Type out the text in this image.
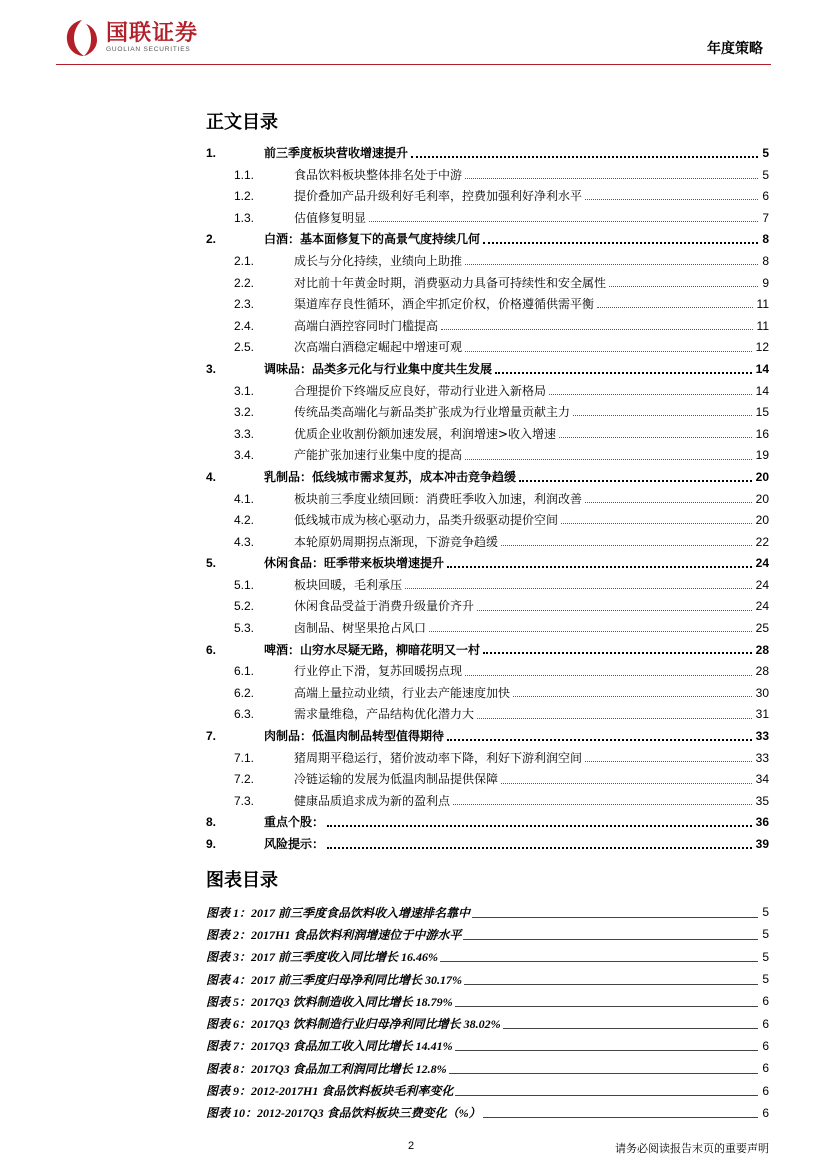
国联证券
GUOLIAN SECURITIES	年度策略
正文目录
1.	前三季度板块营收增速提升	5
1.1.	食品饮料板块整体排名处于中游	5
1.2.	提价叠加产品升级利好毛利率，控费加强利好净利水平	6
1.3.	估值修复明显	7
2.	白酒：基本面修复下的高景气度持续几何	8
2.1.	成长与分化持续，业绩向上助推	8
2.2.	对比前十年黄金时期，消费驱动力具备可持续性和安全属性	9
2.3.	渠道库存良性循环，酒企牢抓定价权，价格遵循供需平衡	11
2.4.	高端白酒控容同时门槛提高	11
2.5.	次高端白酒稳定崛起中增速可观	12
3.	调味品：品类多元化与行业集中度共生发展	14
3.1.	合理提价下终端反应良好，带动行业进入新格局	14
3.2.	传统品类高端化与新品类扩张成为行业增量贡献主力	15
3.3.	优质企业收割份额加速发展，利润增速>收入增速	16
3.4.	产能扩张加速行业集中度的提高	19
4.	乳制品：低线城市需求复苏，成本冲击竞争趋缓	20
4.1.	板块前三季度业绩回顾：消费旺季收入加速，利润改善	20
4.2.	低线城市成为核心驱动力，品类升级驱动提价空间	20
4.3.	本轮原奶周期拐点渐现，下游竞争趋缓	22
5.	休闲食品：旺季带来板块增速提升	24
5.1.	板块回暖，毛利承压	24
5.2.	休闲食品受益于消费升级量价齐升	24
5.3.	卤制品、树坚果抢占风口	25
6.	啤酒：山穷水尽疑无路，柳暗花明又一村	28
6.1.	行业停止下滑，复苏回暖拐点现	28
6.2.	高端上量拉动业绩，行业去产能速度加快	30
6.3.	需求量维稳，产品结构优化潜力大	31
7.	肉制品：低温肉制品转型值得期待	33
7.1.	猪周期平稳运行，猪价波动率下降，利好下游利润空间	33
7.2.	冷链运输的发展为低温肉制品提供保障	34
7.3.	健康品质追求成为新的盈利点	35
8.	重点个股：	36
9.	风险提示：	39
图表目录
图表 1：2017 前三季度食品饮料收入增速排名靠中	5
图表 2：2017H1 食品饮料利润增速位于中游水平	5
图表 3：2017 前三季度收入同比增长 16.46%	5
图表 4：2017 前三季度归母净利同比增长 30.17%	5
图表 5：2017Q3 饮料制造收入同比增长 18.79%	6
图表 6：2017Q3 饮料制造行业归母净利同比增长 38.02%	6
图表 7：2017Q3 食品加工收入同比增长 14.41%	6
图表 8：2017Q3 食品加工利润同比增长 12.8%	6
图表 9：2012-2017H1 食品饮料板块毛利率变化	6
图表 10：2012-2017Q3 食品饮料板块三费变化（%）	6
2	请务必阅读报告末页的重要声明
